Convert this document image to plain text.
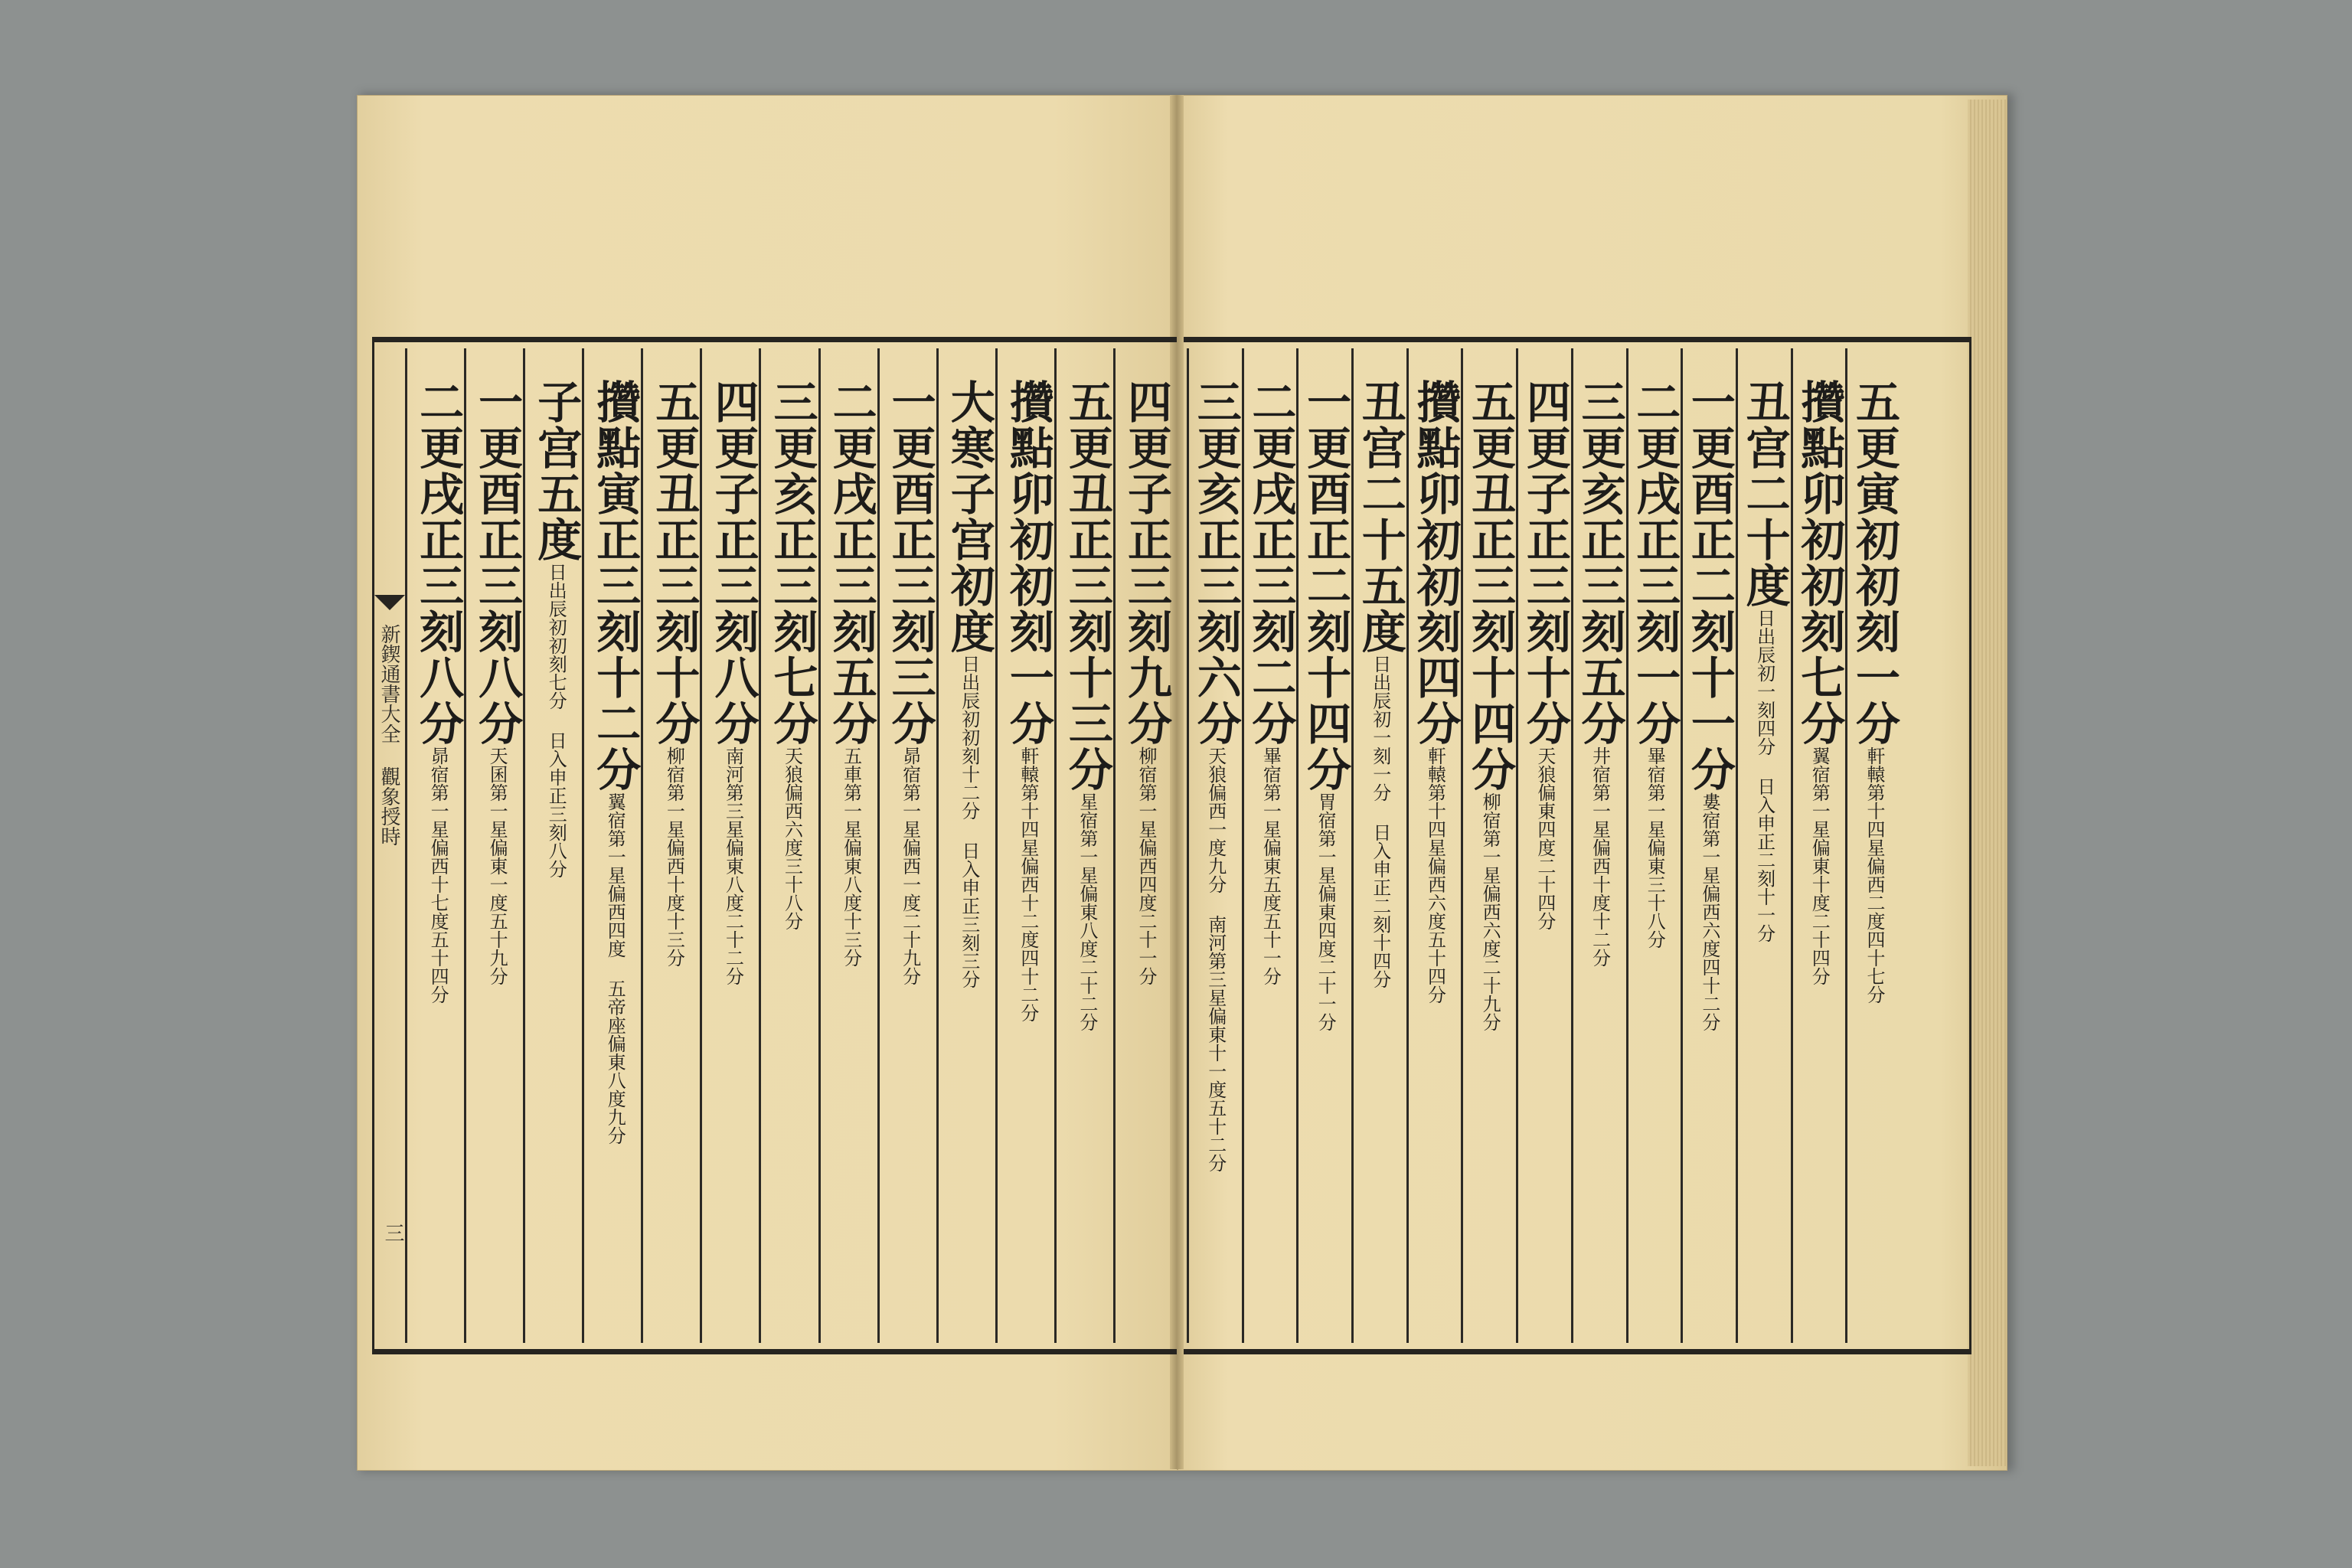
新鍥通書大全 觀象授時
三
四更子正三刻九分柳宿第一星偏西四度二十一分
五更丑正三刻十三分星宿第一星偏東八度二十二分
攢點卯初初刻一分軒轅第十四星偏西十二度四十二分
大寒子宫初度日出辰初初刻十二分 日入申正三刻三分
一更酉正三刻三分昴宿第一星偏西一度二十九分
二更戌正三刻五分五車第一星偏東八度十三分
三更亥正三刻七分天狼偏西六度三十八分
四更子正三刻八分南河第三星偏東八度二十二分
五更丑正三刻十分柳宿第一星偏西十度十三分
攢點寅正三刻十二分翼宿第一星偏西四度 五帝座偏東八度九分
子宫五度日出辰初初刻七分 日入申正三刻八分
一更酉正三刻八分天囷第一星偏東一度五十九分
二更戌正三刻八分昴宿第一星偏西十七度五十四分
五更寅初初刻一分軒轅第十四星偏西二度四十七分
攢點卯初初刻七分翼宿第一星偏東十度二十四分
丑宫二十度日出辰初一刻四分 日入申正二刻十一分
一更酉正二刻十一分婁宿第一星偏西六度四十二分
二更戌正三刻一分畢宿第一星偏東三十八分
三更亥正三刻五分井宿第一星偏西十度十二分
四更子正三刻十分天狼偏東四度二十四分
五更丑正三刻十四分柳宿第一星偏西六度二十九分
攢點卯初初刻四分軒轅第十四星偏西六度五十四分
丑宫二十五度日出辰初一刻一分 日入申正二刻十四分
一更酉正二刻十四分胃宿第一星偏東四度二十一分
二更戌正三刻二分畢宿第一星偏東五度五十一分
三更亥正三刻六分天狼偏西一度九分 南河第三星偏東十一度五十二分
